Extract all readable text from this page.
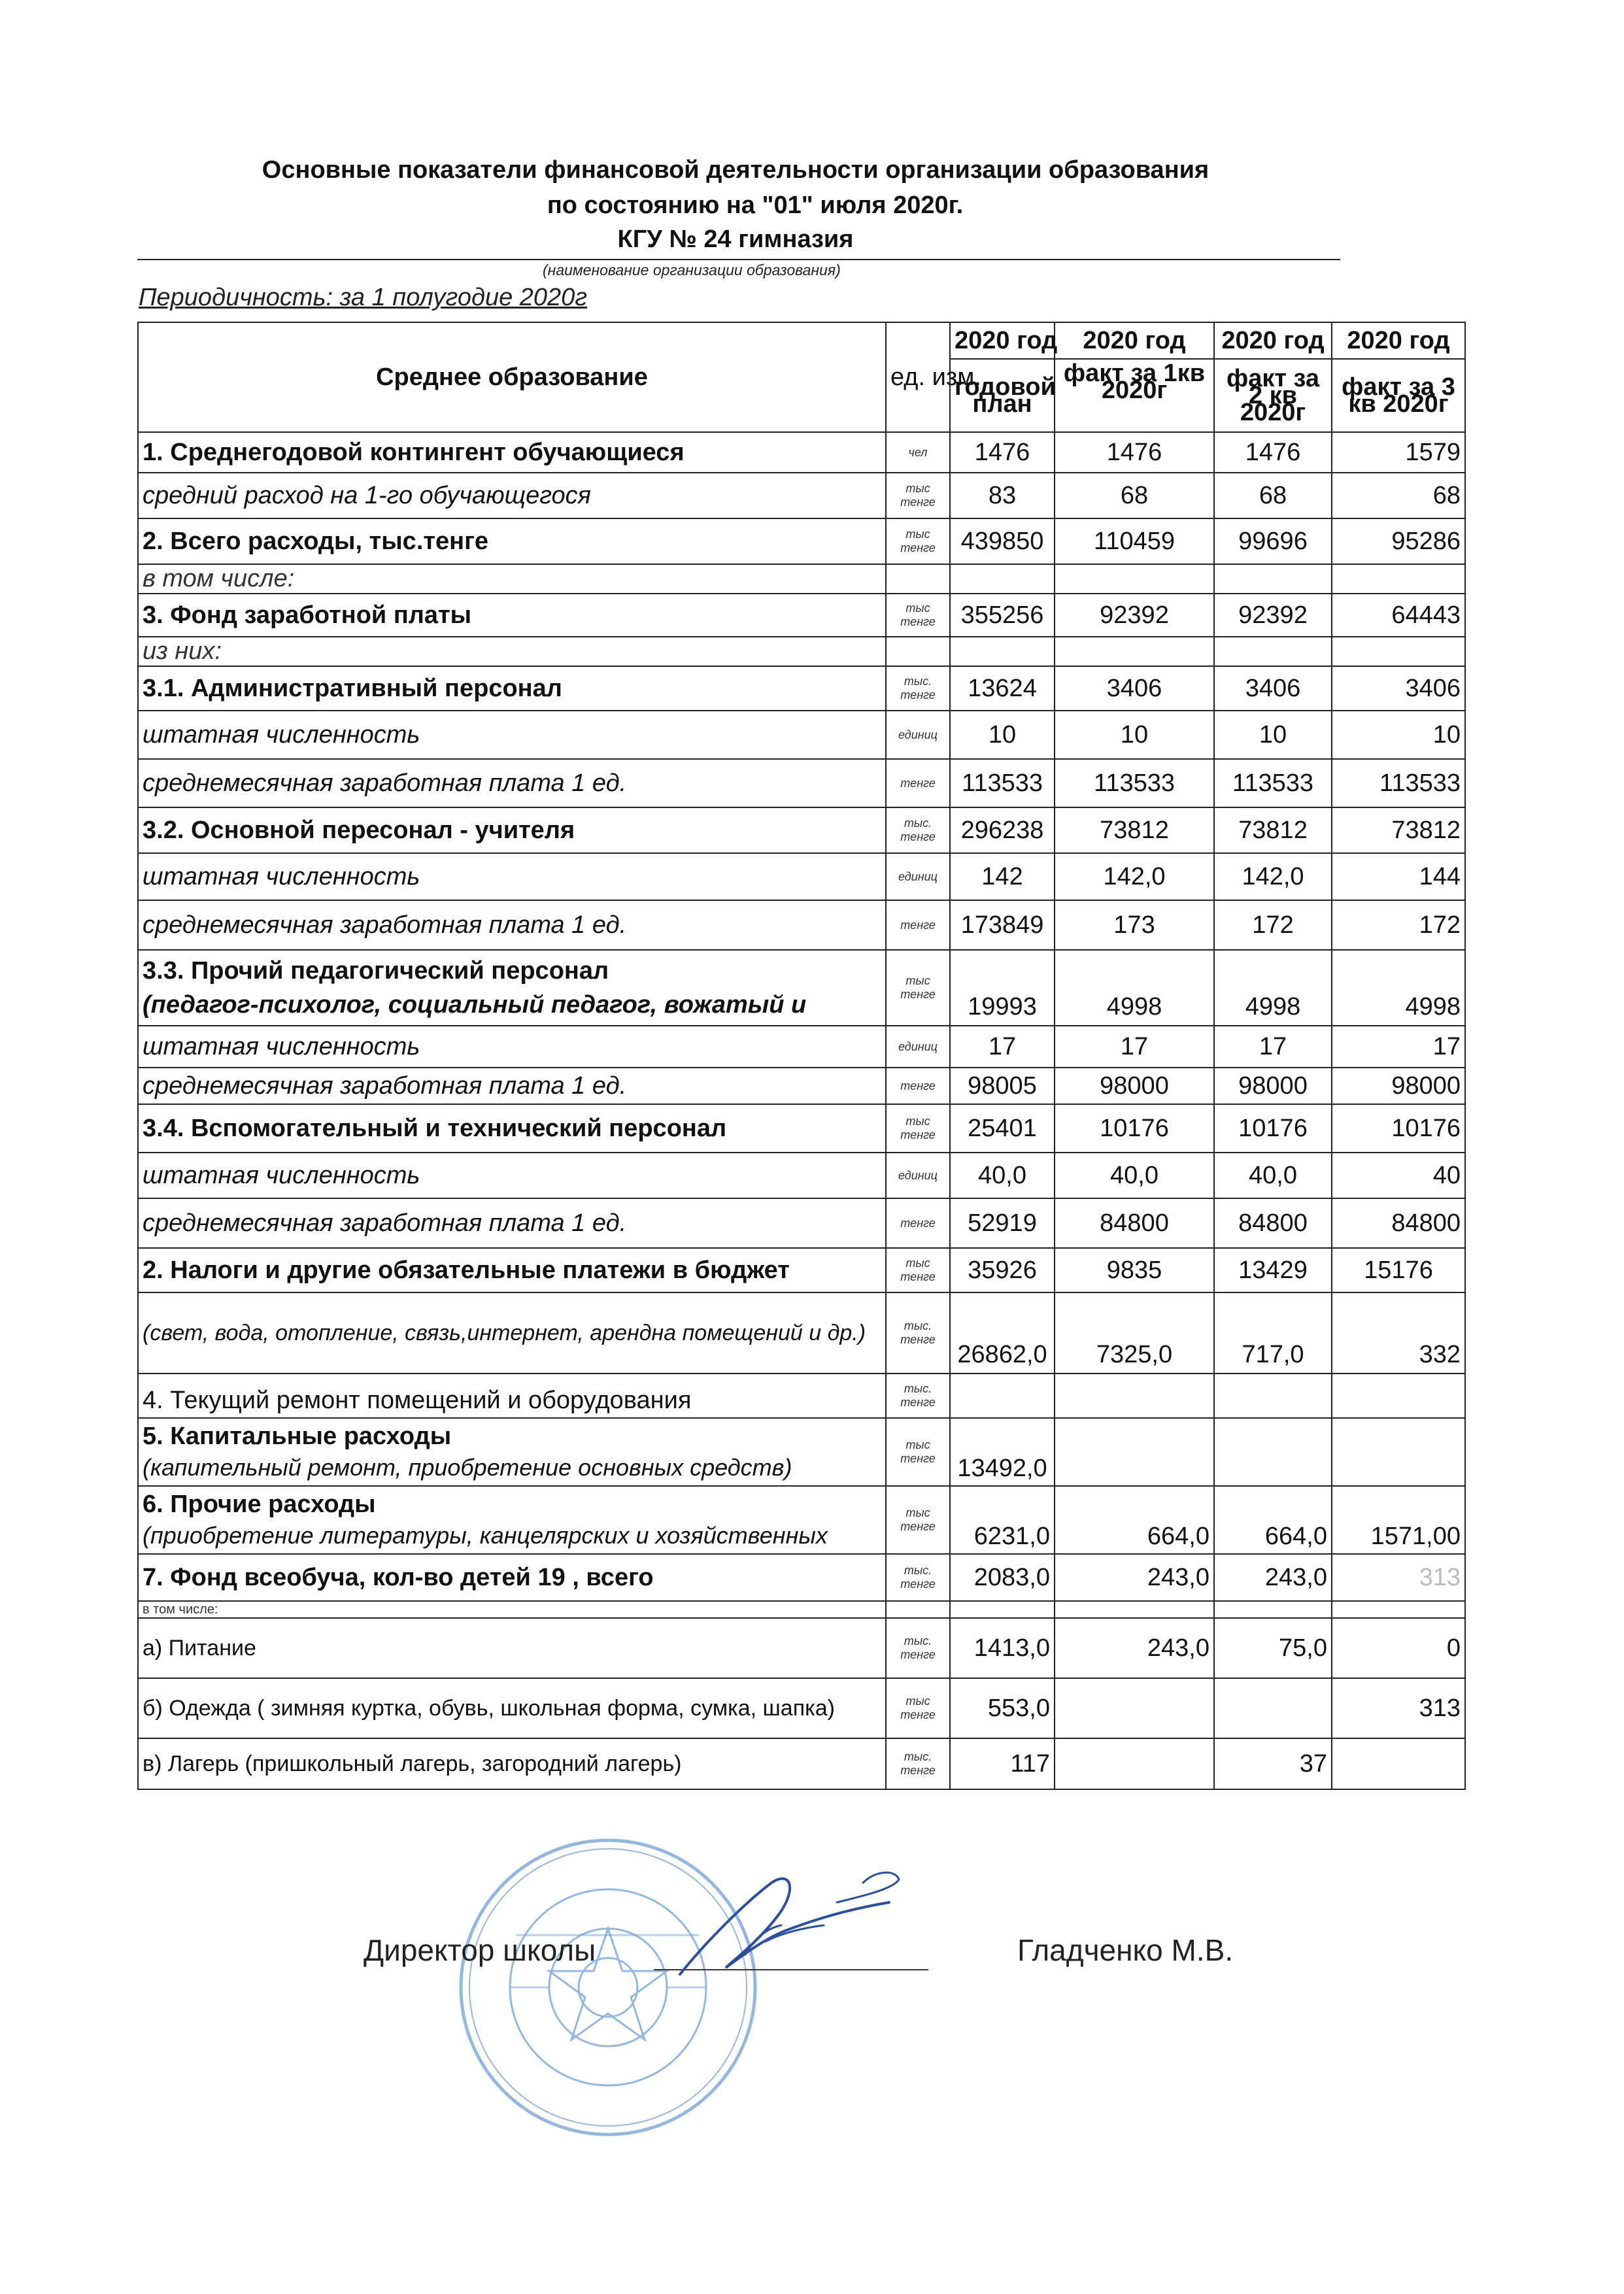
Основные показатели финансовой деятельности организации образования
по состоянию на "01" июля 2020г.
КГУ № 24 гимназия
(наименование организации образования)
Периодичность: за 1 полугодие 2020г
Среднее образование	ед. изм.	2020 год	2020 год	2020 год	2020 год
		годовой план	факт за 1кв 2020г	факт за 2 кв 2020г	факт за 3 кв 2020г
1. Среднегодовой контингент обучающиеся	чел	1476	1476	1476	1579
средний расход на 1-го обучающегося	тыс тенге	83	68	68	68
2. Всего расходы, тыс.тенге	тыс тенге	439850	110459	99696	95286
в том числе:					
3. Фонд заработной платы	тыс тенге	355256	92392	92392	64443
из них:					
3.1. Административный персонал	тыс. тенге	13624	3406	3406	3406
штатная численность	единиц	10	10	10	10
среднемесячная заработная плата 1 ед.	тенге	113533	113533	113533	113533
3.2. Основной пересонал - учителя	тыс. тенге	296238	73812	73812	73812
штатная численность	единиц	142	142,0	142,0	144
среднемесячная заработная плата 1 ед.	тенге	173849	173	172	172

3.3. Прочий педагогический персонал
(педагог-психолог, социальный педагог, вожатый и	тыс тенге	19993	4998	4998	4998
штатная численность	единиц	17	17	17	17
среднемесячная заработная плата 1 ед.	тенге	98005	98000	98000	98000
3.4. Вспомогательный и технический персонал	тыс тенге	25401	10176	10176	10176
штатная численность	единиц	40,0	40,0	40,0	40
среднемесячная заработная плата 1 ед.	тенге	52919	84800	84800	84800
2. Налоги и другие обязательные платежи в бюджет	тыс тенге	35926	9835	13429	15176
(свет, вода, отопление, связь,интернет, арендна помещений и др.)	тыс. тенге	26862,0	7325,0	717,0	332
4. Текущий ремонт помещений и оборудования	тыс. тенге				

5. Капитальные расходы
(капительный ремонт, приобретение основных средств)	тыс тенге	13492,0			

6. Прочие расходы
(приобретение литературы, канцелярских и хозяйственных	тыс тенге	6231,0	664,0	664,0	1571,00
7. Фонд всеобуча, кол-во детей 19 , всего	тыс. тенге	2083,0	243,0	243,0	313
в том числе:					
а) Питание	тыс. тенге	1413,0	243,0	75,0	0
б) Одежда ( зимняя куртка, обувь, школьная форма, сумка, шапка)	тыс тенге	553,0			313
в) Лагерь (пришкольный лагерь, загородний лагерь)	тыс. тенге	117		37	
Директор школы	Гладченко М.В.
